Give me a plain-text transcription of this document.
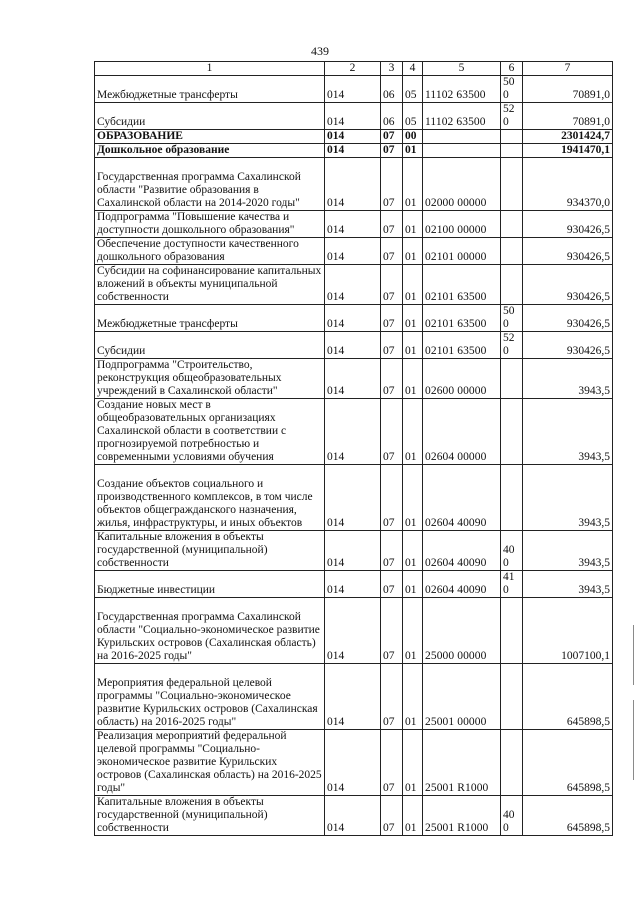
439
1	2	3	4	5	6	7
Межбюджетные трансферты	014	06	05	11102 63500	500	70891,0
Субсидии	014	06	05	11102 63500	520	70891,0
ОБРАЗОВАНИЕ	014	07	00			2301424,7
Дошкольное образование	014	07	01			1941470,1
Государственная программа Сахалинской области "Развитие образования в Сахалинской области на 2014-2020 годы"	014	07	01	02000 00000		934370,0
Подпрограмма "Повышение качества и доступности дошкольного образования"	014	07	01	02100 00000		930426,5
Обеспечение доступности качественного дошкольного образования	014	07	01	02101 00000		930426,5
Субсидии на софинансирование капитальных вложений в объекты муниципальной собственности	014	07	01	02101 63500		930426,5
Межбюджетные трансферты	014	07	01	02101 63500	500	930426,5
Субсидии	014	07	01	02101 63500	520	930426,5
Подпрограмма "Строительство, реконструкция общеобразовательных учреждений в Сахалинской области"	014	07	01	02600 00000		3943,5
Создание новых мест в общеобразовательных организациях Сахалинской области в соответствии с прогнозируемой потребностью и современными условиями обучения	014	07	01	02604 00000		3943,5
Создание объектов социального и производственного комплексов, в том числе объектов общегражданского назначения, жилья, инфраструктуры, и иных объектов	014	07	01	02604 40090		3943,5
Капитальные вложения в объекты государственной (муниципальной) собственности	014	07	01	02604 40090	400	3943,5
Бюджетные инвестиции	014	07	01	02604 40090	410	3943,5
Государственная программа Сахалинской области "Социально-экономическое развитие Курильских островов (Сахалинская область) на 2016-2025 годы"	014	07	01	25000 00000		1007100,1
Мероприятия федеральной целевой программы "Социально-экономическое развитие Курильских островов (Сахалинская область) на 2016-2025 годы"	014	07	01	25001 00000		645898,5
Реализация мероприятий федеральной целевой программы "Социально-экономическое развитие Курильских островов (Сахалинская область) на 2016-2025 годы"	014	07	01	25001 R1000		645898,5
Капитальные вложения в объекты государственной (муниципальной) собственности	014	07	01	25001 R1000	400	645898,5
